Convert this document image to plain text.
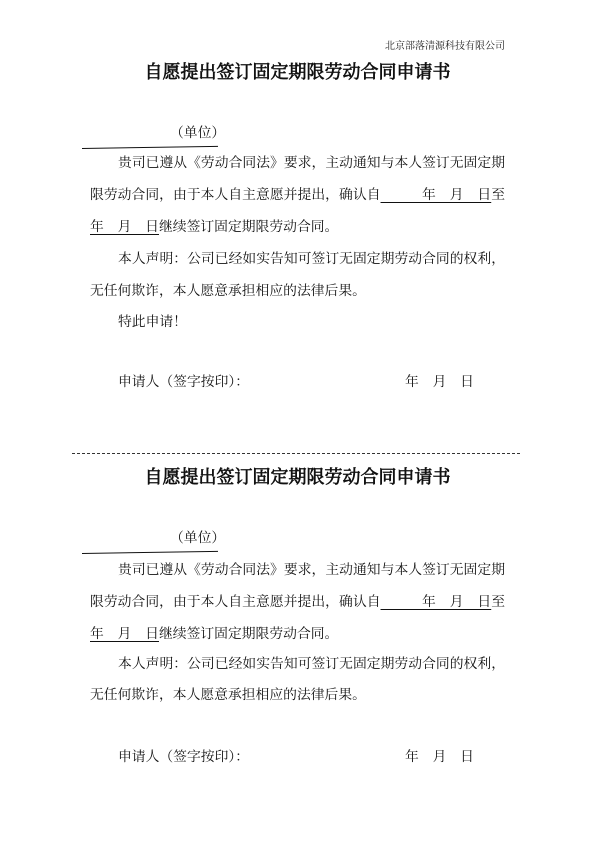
北京部落清源科技有限公司
自愿提出签订固定期限劳动合同申请书
（单位）
贵司已遵从《劳动合同法》要求，主动通知与本人签订无固定期
限劳动合同，由于本人自主意愿并提出，确认自　　　年　月　日至
年　月　日继续签订固定期限劳动合同。
本人声明：公司已经如实告知可签订无固定期劳动合同的权利，
无任何欺诈，本人愿意承担相应的法律后果。
特此申请！
申请人（签字按印）：	年　月　日
自愿提出签订固定期限劳动合同申请书
（单位）
贵司已遵从《劳动合同法》要求，主动通知与本人签订无固定期
限劳动合同，由于本人自主意愿并提出，确认自　　　年　月　日至
年　月　日继续签订固定期限劳动合同。
本人声明：公司已经如实告知可签订无固定期劳动合同的权利，
无任何欺诈，本人愿意承担相应的法律后果。
申请人（签字按印）：	年　月　日
